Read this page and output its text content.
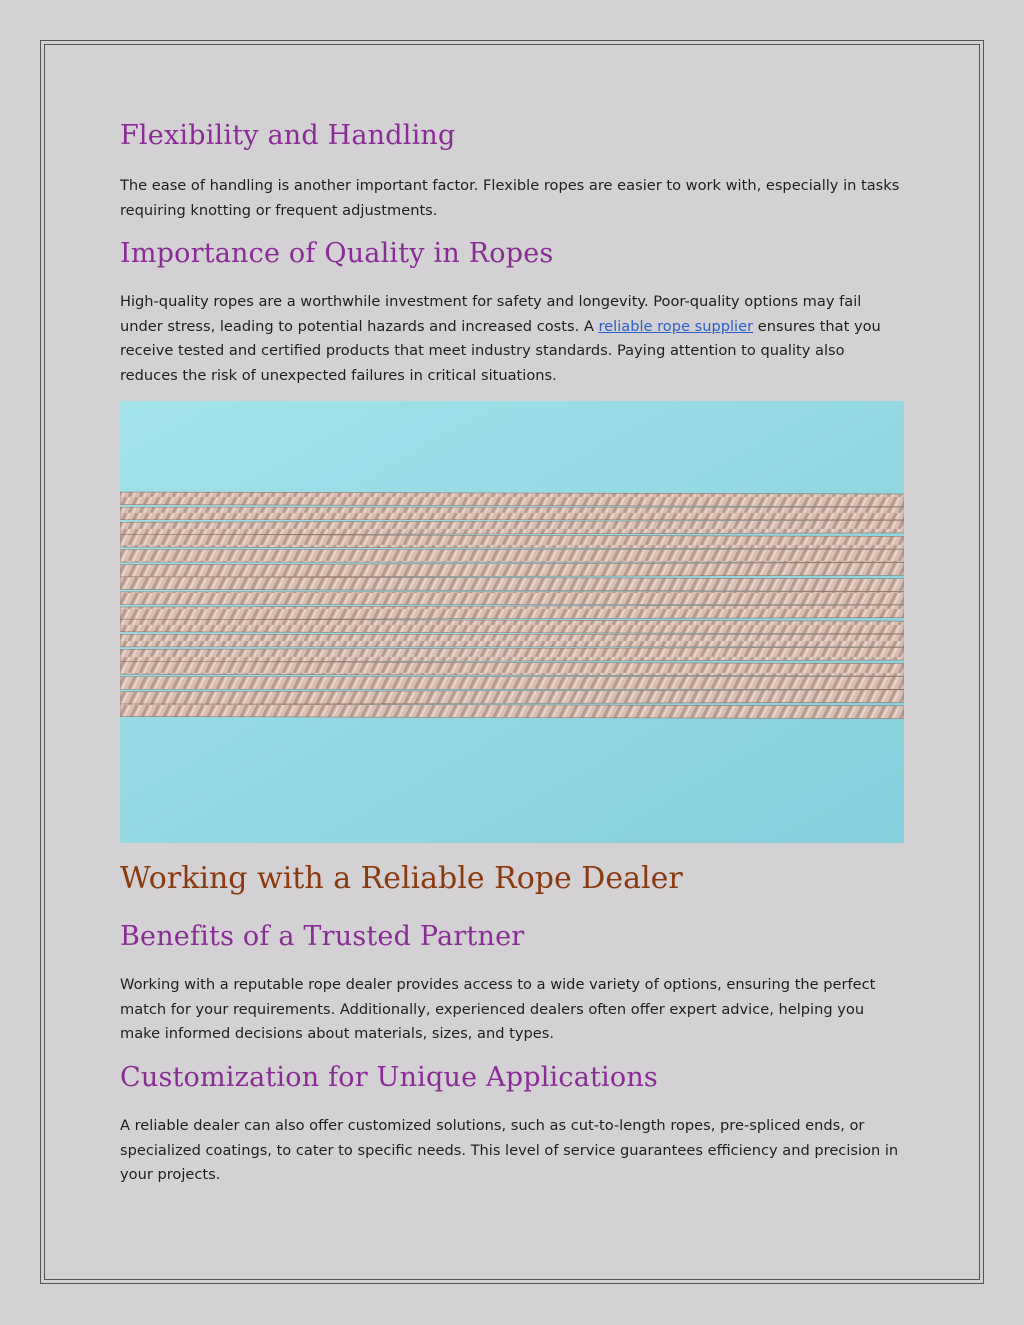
Flexibility and Handling

The ease of handling is another important factor. Flexible ropes are easier to work with, especially in tasks requiring knotting or frequent adjustments.

Importance of Quality in Ropes

High-quality ropes are a worthwhile investment for safety and longevity. Poor-quality options may fail under stress, leading to potential hazards and increased costs. A reliable rope supplier ensures that you receive tested and certified products that meet industry standards. Paying attention to quality also reduces the risk of unexpected failures in critical situations.

Working with a Reliable Rope Dealer
Benefits of a Trusted Partner

Working with a reputable rope dealer provides access to a wide variety of options, ensuring the perfect match for your requirements. Additionally, experienced dealers often offer expert advice, helping you make informed decisions about materials, sizes, and types.

Customization for Unique Applications

A reliable dealer can also offer customized solutions, such as cut-to-length ropes, pre-spliced ends, or specialized coatings, to cater to specific needs. This level of service guarantees efficiency and precision in your projects.
